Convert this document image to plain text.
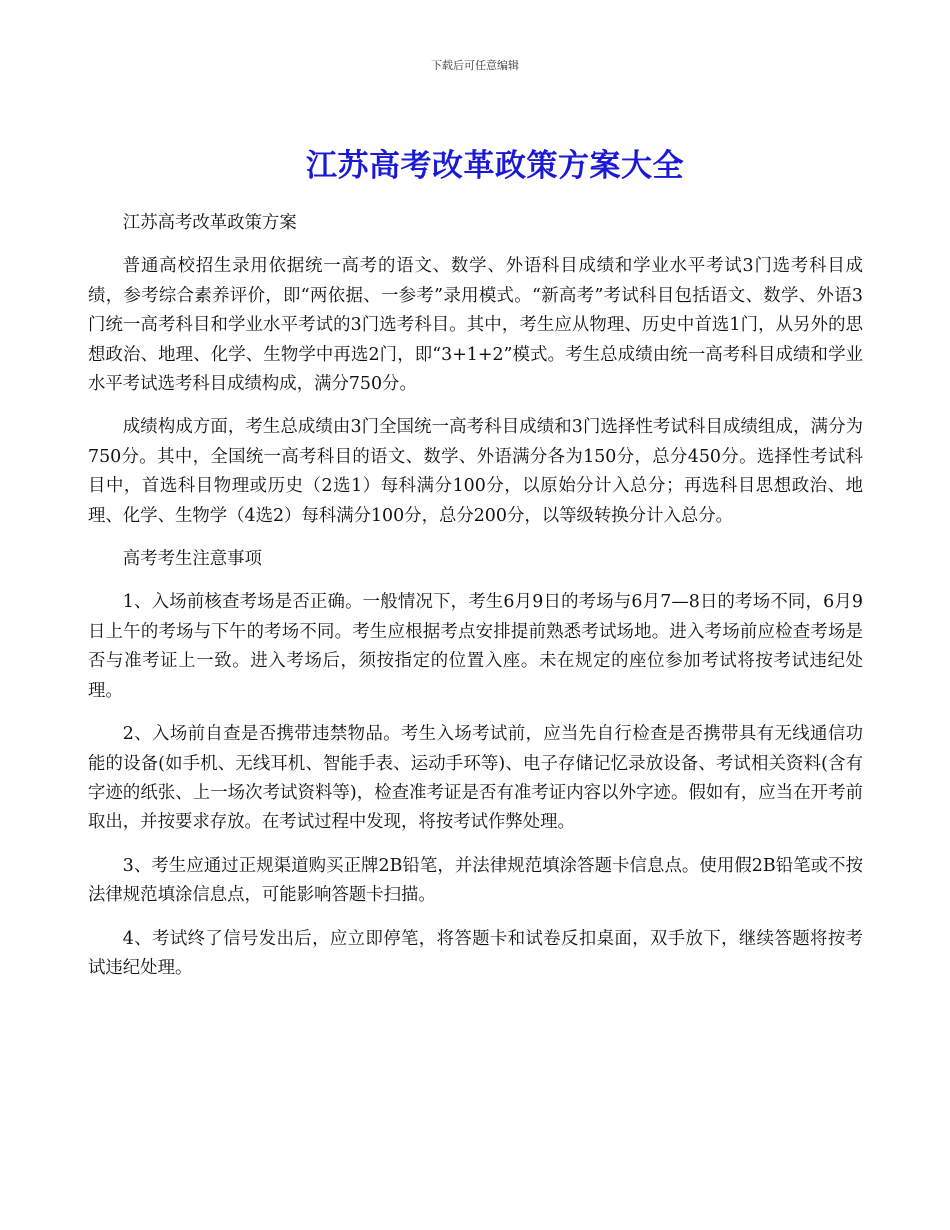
下载后可任意编辑
江苏高考改革政策方案大全

江苏高考改革政策方案

普通高校招生录用依据统一高考的语文、数学、外语科目成绩和学业水平考试3门选考科目成绩，参考综合素养评价，即“两依据、一参考”录用模式。“新高考”考试科目包括语文、数学、外语3门统一高考科目和学业水平考试的3门选考科目。其中，考生应从物理、历史中首选1门，从另外的思想政治、地理、化学、生物学中再选2门，即“3+1+2”模式。考生总成绩由统一高考科目成绩和学业水平考试选考科目成绩构成，满分750分。

成绩构成方面，考生总成绩由3门全国统一高考科目成绩和3门选择性考试科目成绩组成，满分为750分。其中，全国统一高考科目的语文、数学、外语满分各为150分，总分450分。选择性考试科目中，首选科目物理或历史（2选1）每科满分100分，以原始分计入总分；再选科目思想政治、地理、化学、生物学（4选2）每科满分100分，总分200分，以等级转换分计入总分。

高考考生注意事项

1、入场前核查考场是否正确。一般情况下，考生6月9日的考场与6月7—8日的考场不同，6月9日上午的考场与下午的考场不同。考生应根据考点安排提前熟悉考试场地。进入考场前应检查考场是否与准考证上一致。进入考场后，须按指定的位置入座。未在规定的座位参加考试将按考试违纪处理。

2、入场前自查是否携带违禁物品。考生入场考试前，应当先自行检查是否携带具有无线通信功能的设备(如手机、无线耳机、智能手表、运动手环等)、电子存储记忆录放设备、考试相关资料(含有字迹的纸张、上一场次考试资料等)，检查准考证是否有准考证内容以外字迹。假如有，应当在开考前取出，并按要求存放。在考试过程中发现，将按考试作弊处理。

3、考生应通过正规渠道购买正牌2B铅笔，并法律规范填涂答题卡信息点。使用假2B铅笔或不按法律规范填涂信息点，可能影响答题卡扫描。

4、考试终了信号发出后，应立即停笔，将答题卡和试卷反扣桌面，双手放下，继续答题将按考试违纪处理。
